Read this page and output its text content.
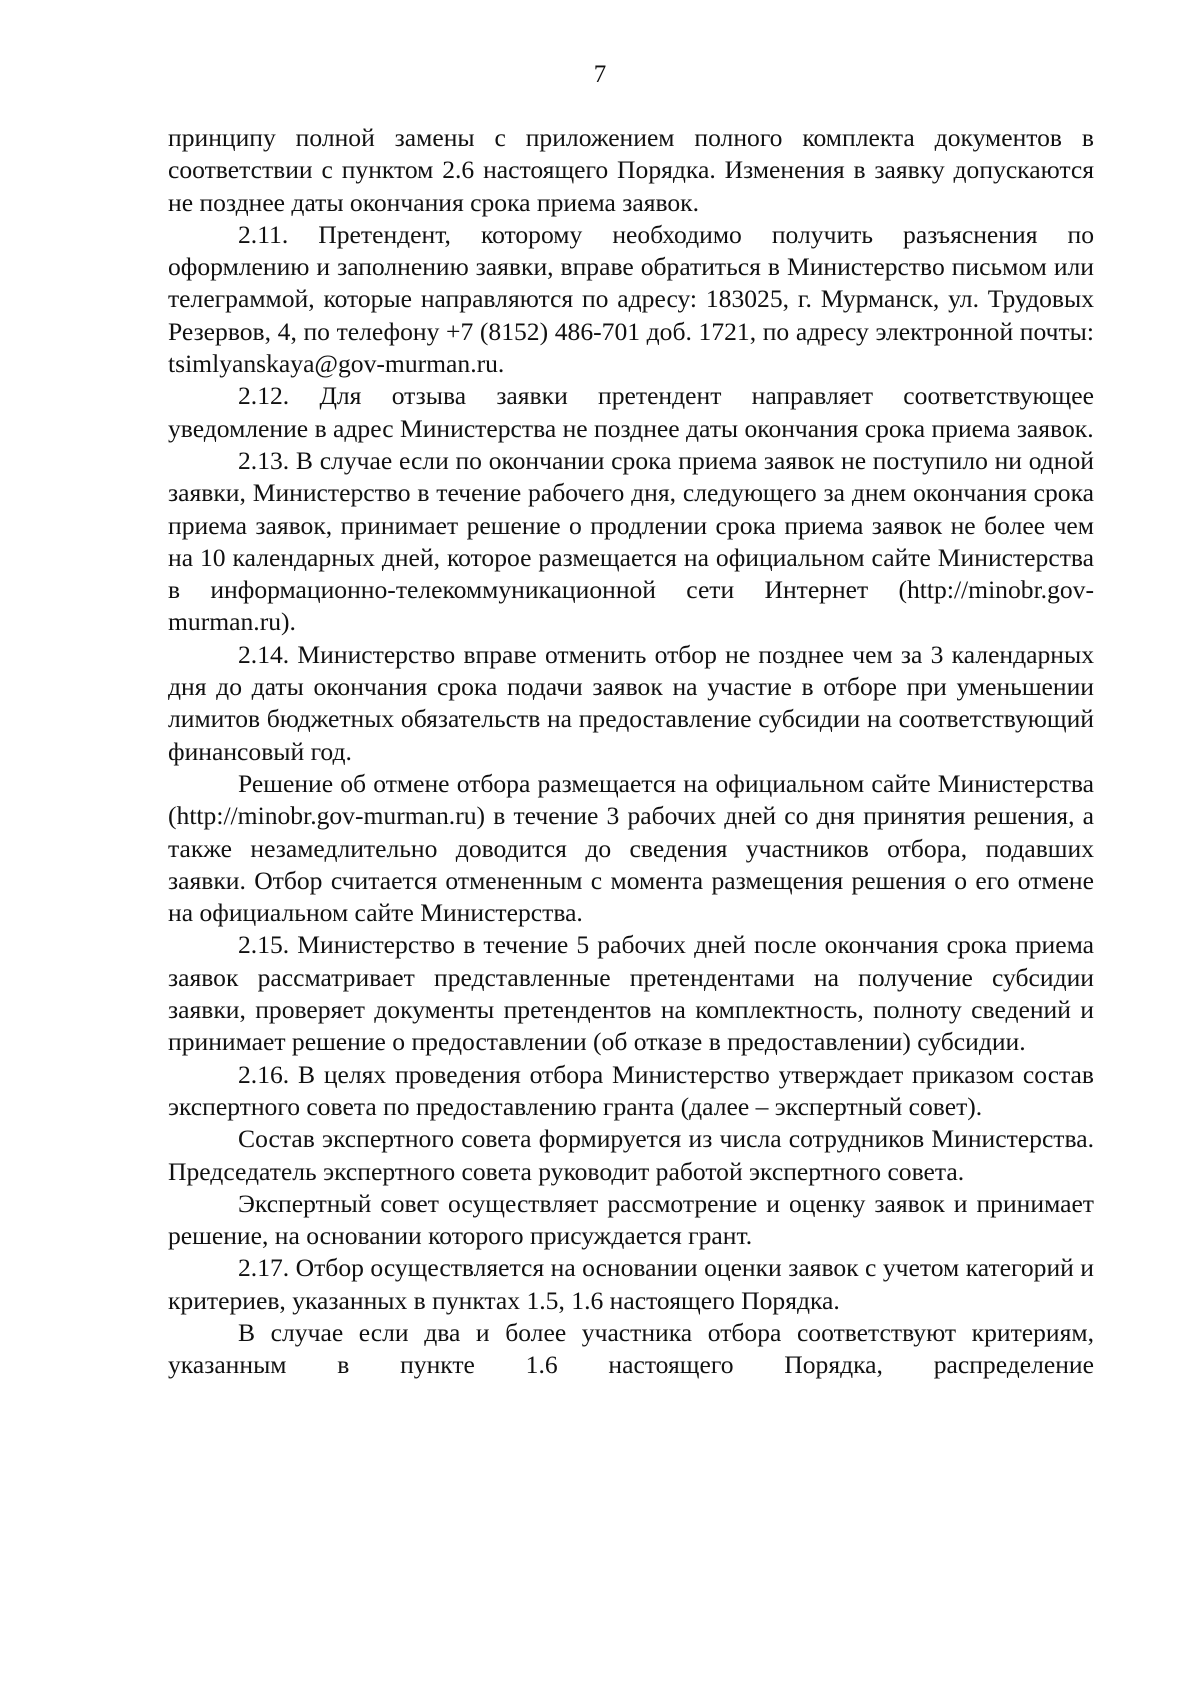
7

принципу полной замены с приложением полного комплекта документов в соответствии с пунктом 2.6 настоящего Порядка. Изменения в заявку допускаются не позднее даты окончания срока приема заявок.

2.11. Претендент, которому необходимо получить разъяснения по оформлению и заполнению заявки, вправе обратиться в Министерство письмом или телеграммой, которые направляются по адресу: 183025, г. Мурманск, ул. Трудовых Резервов, 4, по телефону +7 (8152) 486-701 доб. 1721, по адресу электронной почты: tsimlyanskaya@gov-murman.ru.

2.12. Для отзыва заявки претендент направляет соответствующее уведомление в адрес Министерства не позднее даты окончания срока приема заявок.

2.13. В случае если по окончании срока приема заявок не поступило ни одной заявки, Министерство в течение рабочего дня, следующего за днем окончания срока приема заявок, принимает решение о продлении срока приема заявок не более чем на 10 календарных дней, которое размещается на официальном сайте Министерства в информационно-телекоммуникационной сети Интернет (http://minobr.gov-murman.ru).

2.14. Министерство вправе отменить отбор не позднее чем за 3 календарных дня до даты окончания срока подачи заявок на участие в отборе при уменьшении лимитов бюджетных обязательств на предоставление субсидии на соответствующий финансовый год.

Решение об отмене отбора размещается на официальном сайте Министерства (http://minobr.gov-murman.ru) в течение 3 рабочих дней со дня принятия решения, а также незамедлительно доводится до сведения участников отбора, подавших заявки. Отбор считается отмененным с момента размещения решения о его отмене на официальном сайте Министерства.

2.15. Министерство в течение 5 рабочих дней после окончания срока приема заявок рассматривает представленные претендентами на получение субсидии заявки, проверяет документы претендентов на комплектность, полноту сведений и принимает решение о предоставлении (об отказе в предоставлении) субсидии.

2.16. В целях проведения отбора Министерство утверждает приказом состав экспертного совета по предоставлению гранта (далее – экспертный совет).

Состав экспертного совета формируется из числа сотрудников Министерства. Председатель экспертного совета руководит работой экспертного совета.

Экспертный совет осуществляет рассмотрение и оценку заявок и принимает решение, на основании которого присуждается грант.

2.17. Отбор осуществляется на основании оценки заявок с учетом категорий и критериев, указанных в пунктах 1.5, 1.6 настоящего Порядка.

В случае если два и более участника отбора соответствуют критериям, указанным в пункте 1.6 настоящего Порядка, распределение
